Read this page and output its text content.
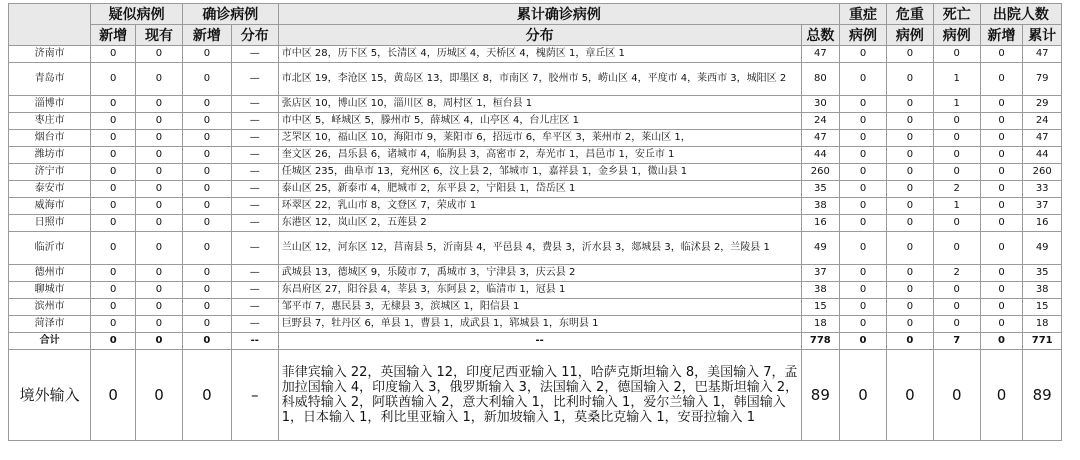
	疑似病例		确诊病例		累计确诊病例		重症	危重	死亡	出院人数	
	新增	现有	新增	分布	分布	总数	病例	病例	病例	新增	累计
济南市	0	0	0	—	市中区 28，历下区 5，长清区 4，历城区 4，天桥区 4，槐荫区 1，章丘区 1	47	0	0	0	0	47
青岛市	0	0	0	—	市北区 19，李沧区 15，黄岛区 13，即墨区 8，市南区 7，胶州市 5，崂山区 4，平度市 4，莱西市 3，城阳区 2	80	0	0	1	0	79
淄博市	0	0	0	—	张店区 10，博山区 10，淄川区 8，周村区 1，桓台县 1	30	0	0	1	0	29
枣庄市	0	0	0	—	市中区 5，峄城区 5，滕州市 5，薛城区 4，山亭区 4，台儿庄区 1	24	0	0	0	0	24
烟台市	0	0	0	—	芝罘区 10，福山区 10，海阳市 9，莱阳市 6，招远市 6，牟平区 3，莱州市 2，莱山区 1，	47	0	0	0	0	47
潍坊市	0	0	0	—	奎文区 26，昌乐县 6，诸城市 4，临朐县 3，高密市 2，寿光市 1，昌邑市 1，安丘市 1	44	0	0	0	0	44
济宁市	0	0	0	—	任城区 235，曲阜市 13，兖州区 6，汶上县 2，邹城市 1，嘉祥县 1，金乡县 1，微山县 1	260	0	0	0	0	260
泰安市	0	0	0	—	泰山区 25，新泰市 4，肥城市 2，东平县 2，宁阳县 1，岱岳区 1	35	0	0	2	0	33
威海市	0	0	0	—	环翠区 22，乳山市 8，文登区 7，荣成市 1	38	0	0	1	0	37
日照市	0	0	0	—	东港区 12，岚山区 2，五莲县 2	16	0	0	0	0	16
临沂市	0	0	0	—	兰山区 12，河东区 12，莒南县 5，沂南县 4，平邑县 4，费县 3，沂水县 3，郯城县 3，临沭县 2，兰陵县 1	49	0	0	0	0	49
德州市	0	0	0	—	武城县 13，德城区 9，乐陵市 7，禹城市 3，宁津县 3，庆云县 2	37	0	0	2	0	35
聊城市	0	0	0	—	东昌府区 27，阳谷县 4，莘县 3，东阿县 2，临清市 1，冠县 1	38	0	0	0	0	38
滨州市	0	0	0	—	邹平市 7，惠民县 3，无棣县 3，滨城区 1，阳信县 1	15	0	0	0	0	15
菏泽市	0	0	0	—	巨野县 7，牡丹区 6，单县 1，曹县 1，成武县 1，郓城县 1，东明县 1	18	0	0	0	0	18
合计	0	0	0	--	--	778	0	0	7	0	771
境外输入	0	0	0	–	菲律宾输入 22，英国输入 12，印度尼西亚输入 11，哈萨克斯坦输入 8，美国输入 7，孟加拉国输入 4，印度输入 3，俄罗斯输入 3，法国输入 2，德国输入 2，巴基斯坦输入 2，科威特输入 2，阿联酋输入 2，意大利输入 1，比利时输入 1，爱尔兰输入 1，韩国输入 1，日本输入 1，利比里亚输入 1，新加坡输入 1，莫桑比克输入 1，安哥拉输入 1	89	0	0	0	0	89
